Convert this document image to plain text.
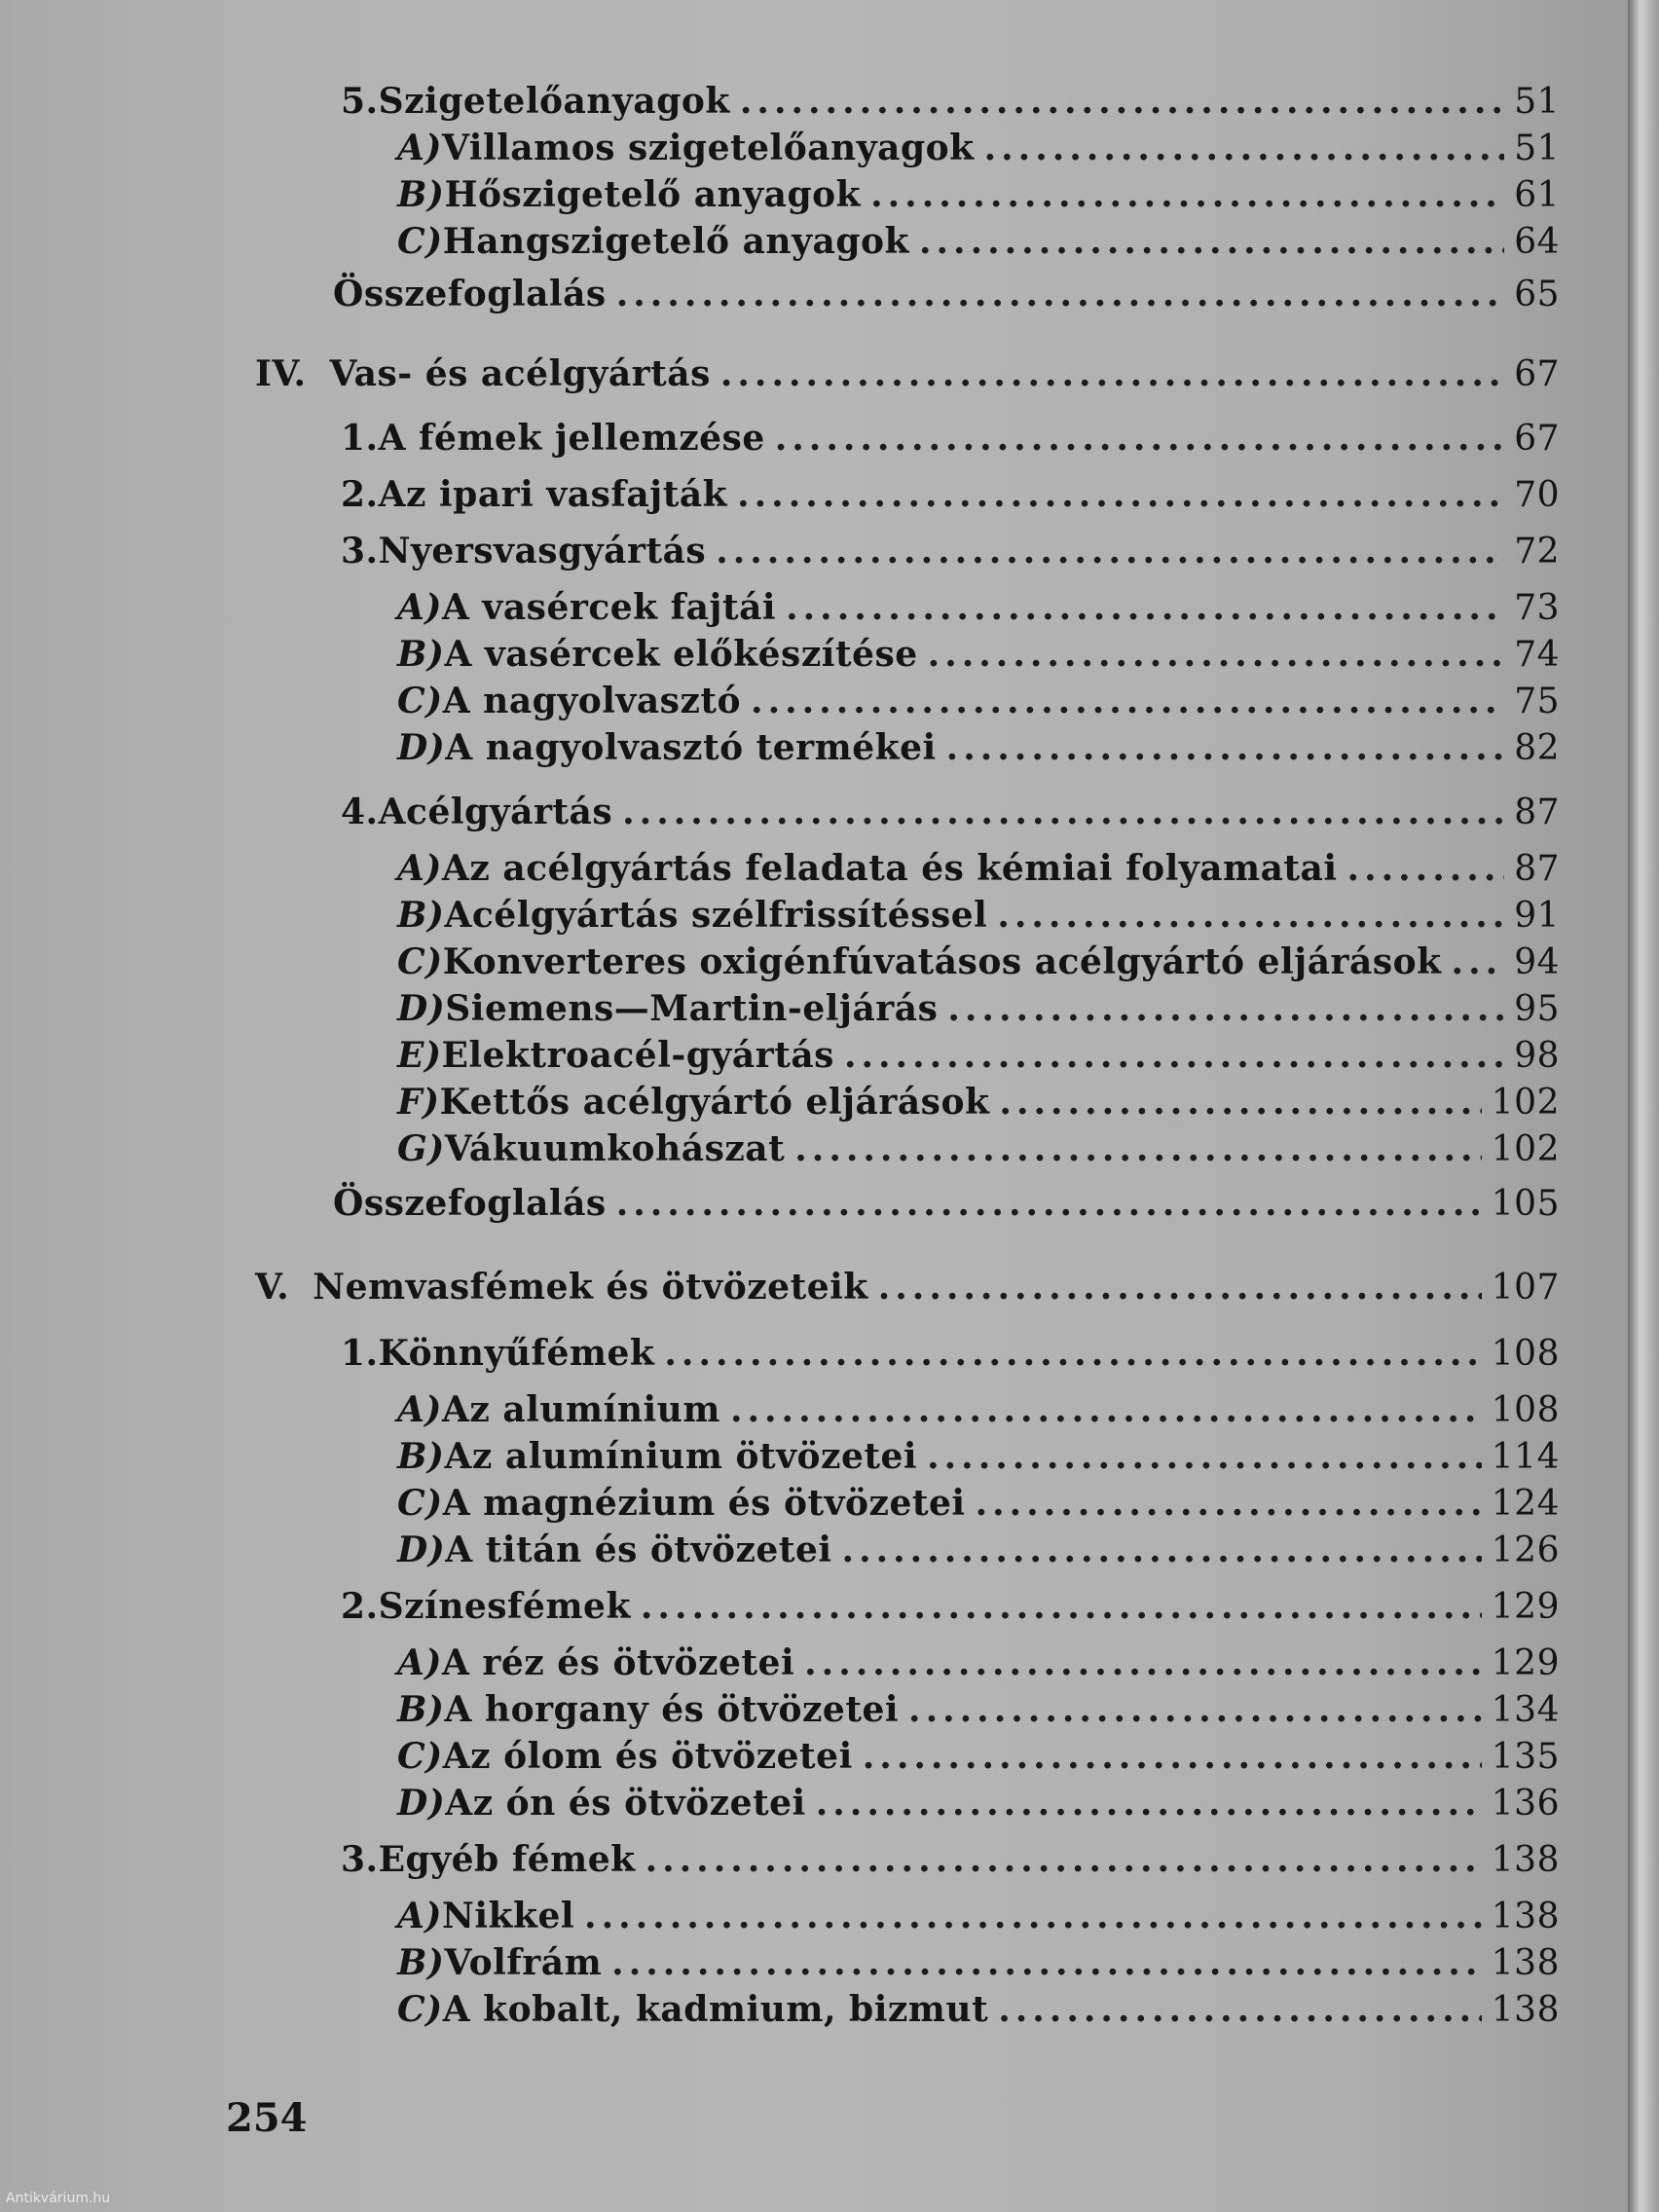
5. Szigetelőanyagok .....	51
A) Villamos szigetelőanyagok .....	51
B) Hőszigetelő anyagok .....	61
C) Hangszigetelő anyagok .....	64
Összefoglalás .....	65
IV. Vas- és acélgyártás .....	67
1. A fémek jellemzése .....	67
2. Az ipari vasfajták .....	70
3. Nyersvasgyártás .....	72
A) A vasércek fajtái .....	73
B) A vasércek előkészítése .....	74
C) A nagyolvasztó .....	75
D) A nagyolvasztó termékei .....	82
4. Acélgyártás .....	87
A) Az acélgyártás feladata és kémiai folyamatai .....	87
B) Acélgyártás szélfrissítéssel .....	91
C) Konverteres oxigénfúvatásos acélgyártó eljárások ..... 94
D) Siemens—Martin-eljárás .....	95
E) Elektroacél-gyártás .....	98
F) Kettős acélgyártó eljárások .....	102
G) Vákuumkohászat .....	102
Összefoglalás .....	105
V. Nemvasfémek és ötvözeteik .....	107
1. Könnyűfémek .....	108
A) Az alumínium .....	108
B) Az alumínium ötvözetei .....	114
C) A magnézium és ötvözetei .....	124
D) A titán és ötvözetei .....	126
2. Színesfémek .....	129
A) A réz és ötvözetei .....	129
B) A horgany és ötvözetei .....	134
C) Az ólom és ötvözetei .....	135
D) Az ón és ötvözetei .....	136
3. Egyéb fémek .....	138
A) Nikkel .....	138
B) Volfrám .....	138
C) A kobalt, kadmium, bizmut .....	138
254
Antikvárium.hu
